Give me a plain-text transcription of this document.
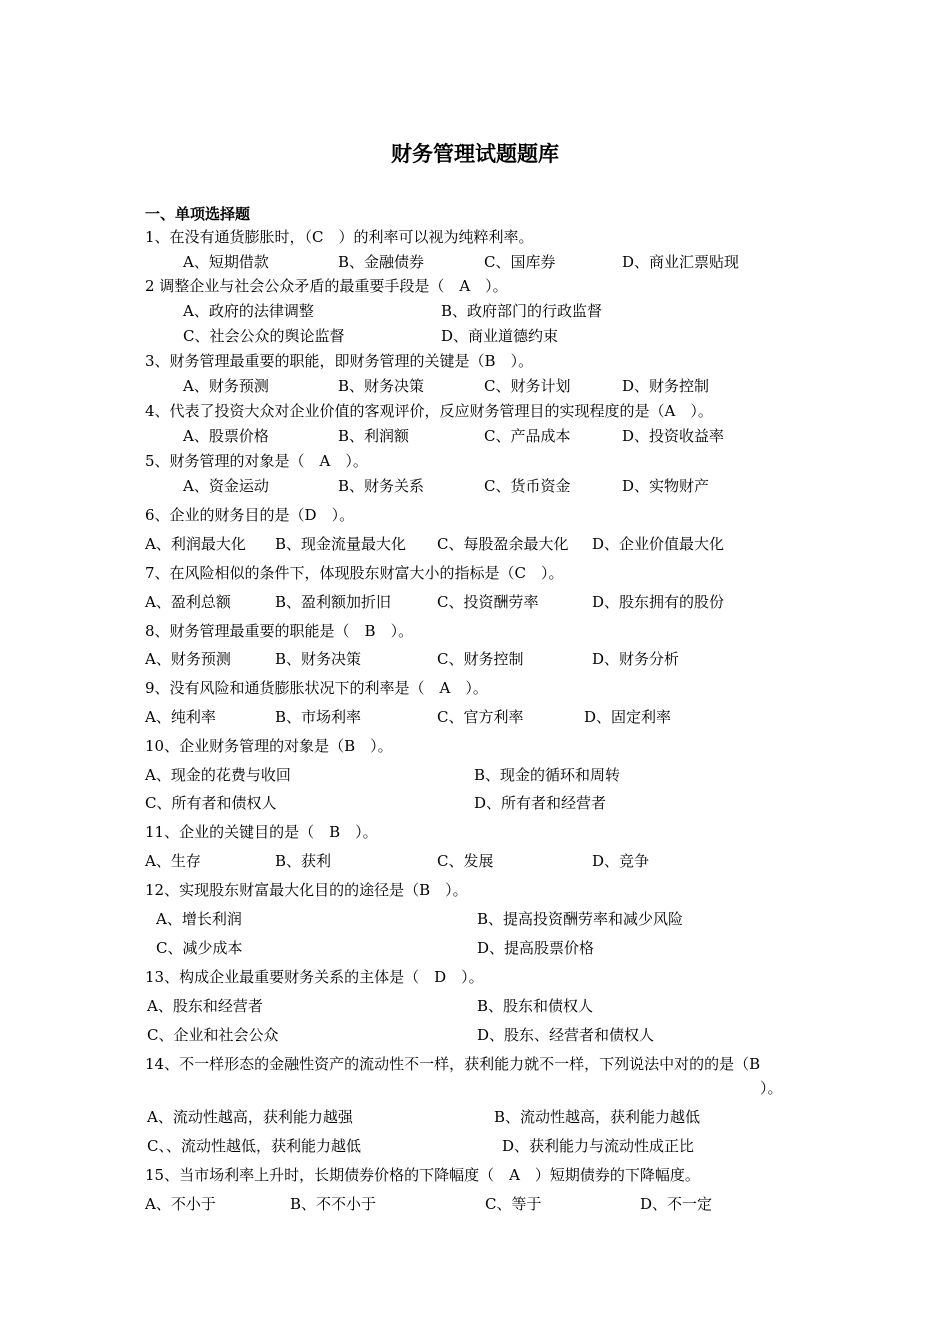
财务管理试题题库
一、单项选择题
1、在没有通货膨胀时，（C　）的利率可以视为纯粹利率。
A、短期借款	B、金融债券	C、国库券	D、商业汇票贴现
2 调整企业与社会公众矛盾的最重要手段是（　A　）。
A、政府的法律调整	B、政府部门的行政监督
C、社会公众的舆论监督	D、商业道德约束
3、财务管理最重要的职能，即财务管理的关键是（B　）。
A、财务预测	B、财务决策	C、财务计划	D、财务控制
4、代表了投资大众对企业价值的客观评价，反应财务管理目的实现程度的是（A　）。
A、股票价格	B、利润额	C、产品成本	D、投资收益率
5、财务管理的对象是（　A　）。
A、资金运动	B、财务关系	C、货币资金	D、实物财产
6、企业的财务目的是（D　）。
A、利润最大化 B、现金流量最大化 C、每股盈余最大化 D、企业价值最大化
7、在风险相似的条件下，体现股东财富大小的指标是（C　）。
A、盈利总额	B、盈利额加折旧	C、投资酬劳率	D、股东拥有的股份
8、财务管理最重要的职能是（　B　）。
A、财务预测	B、财务决策	C、财务控制	D、财务分析
9、没有风险和通货膨胀状况下的利率是（　A　）。
A、纯利率	B、市场利率	C、官方利率	D、固定利率
10、企业财务管理的对象是（B　）。
A、现金的花费与收回	B、现金的循环和周转
C、所有者和债权人	D、所有者和经营者
11、企业的关键目的是（　B　）。
A、生存	B、获利	C、发展	D、竞争
12、实现股东财富最大化目的的途径是（B　）。
A、增长利润	B、提高投资酬劳率和减少风险
C、减少成本	D、提高股票价格
13、构成企业最重要财务关系的主体是（　D　）。
A、股东和经营者	B、股东和债权人
C、企业和社会公众	D、股东、经营者和债权人
14、不一样形态的金融性资产的流动性不一样，获利能力就不一样，下列说法中对的的是（B
）。
A、流动性越高，获利能力越强	B、流动性越高，获利能力越低
C、、流动性越低，获利能力越低	D、获利能力与流动性成正比
15、当市场利率上升时，长期债券价格的下降幅度（　A　）短期债券的下降幅度。
A、不小于	B、不不小于	C、等于	D、不一定
